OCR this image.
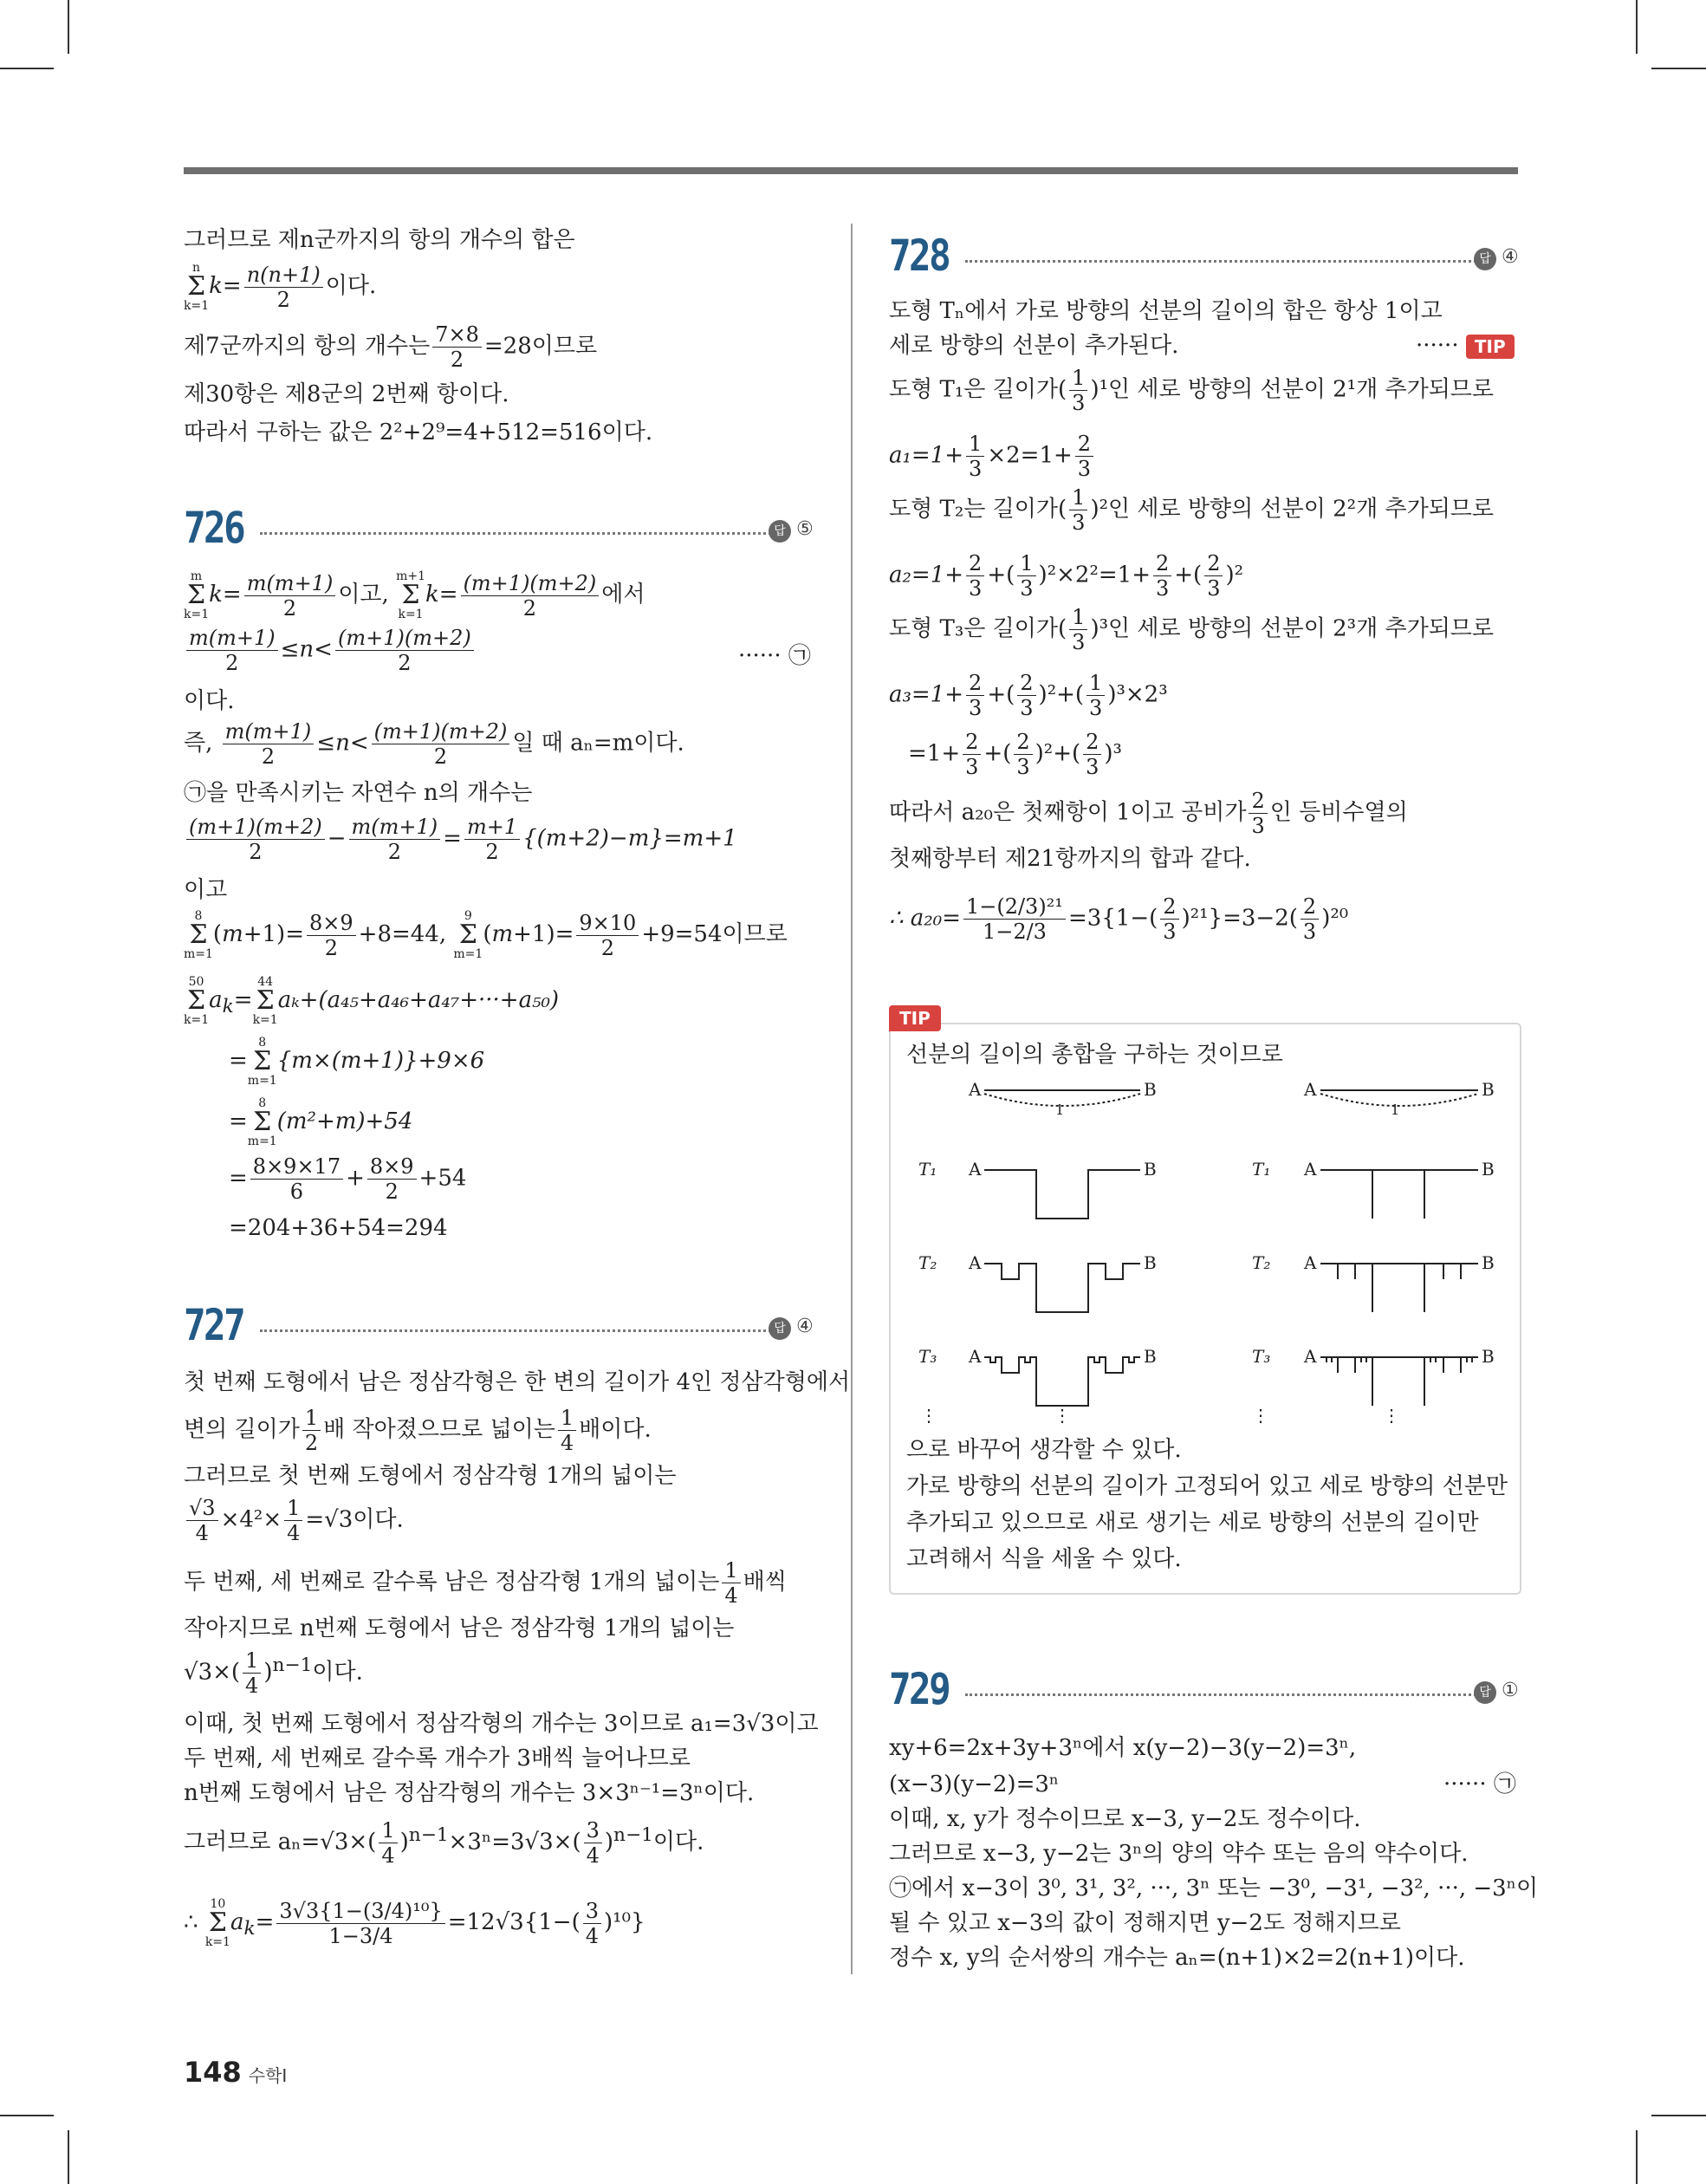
그러므로 제n군까지의 항의 개수의 합은
n
Σ
$k=1k= \frac{n(n+1)}{2}$ 이다.
제7군까지의 항의 개수는 $\frac{7\times 8}{2} =28$이므로
제30항은 제8군의 2번째 항이다.
따라서 구하는 값은 2²+2⁹=4+512=516이다.
726	답 ⑤
m
Σ
$k=1k= \frac{m(m+1)}{2}$ 이고, m+1
Σ
$k=1k= \frac{(m+1)(m+2)}{2}$ 에서
$\frac{m(m+1)}{2} \le n< \frac{(m+1)(m+2)}{2}$	······ ㉠
이다.
즉, $\frac{m(m+1)}{2} \le n< \frac{(m+1)(m+2)}{2}$ 일 때 aₙ=m이다.
㉠을 만족시키는 자연수 n의 개수는
$\frac{(m+1)(m+2)}{2} - \frac{m(m+1)}{2} = \frac{m+1}{2} \{(m+2)-m\}=m+1$
이고
8
Σ
$m=1(m+1)= \frac{8\times 9}{2} +8=44$, 9
Σ
$m=1(m+1)= \frac{9\times 10}{2} +9=54$이므로
50
Σ
$k=1a_k=44$
Σ
k=1aₖ+(a₄₅+a₄₆+a₄₇+···+a₅₀)
=8
Σ
m=1{m×(m+1)}+9×6
=8
Σ
m=1(m²+m)+54
= $\frac{8\times 9\times 17}{6} + \frac{8\times 9}{2} +54$
=204+36+54=294
727	답 ④
첫 번째 도형에서 남은 정삼각형은 한 변의 길이가 4인 정삼각형에서
변의 길이가 $\frac{1}{2}$ 배 작아졌으므로 넓이는 $\frac{1}{4}$ 배이다.
그러므로 첫 번째 도형에서 정삼각형 1개의 넓이는
$\frac{√3}{4} \times 4^2\times \frac{1}{4} =√3$이다.
두 번째, 세 번째로 갈수록 남은 정삼각형 1개의 넓이는 $\frac{1}{4}$ 배씩
작아지므로 n번째 도형에서 남은 정삼각형 1개의 넓이는
$√3\times( \frac{1}{4} )^{n-1}$이다.
이때, 첫 번째 도형에서 정삼각형의 개수는 3이므로 a₁=3√3이고
두 번째, 세 번째로 갈수록 개수가 3배씩 늘어나므로
n번째 도형에서 남은 정삼각형의 개수는 3×3ⁿ⁻¹=3ⁿ이다.
그러므로 $a_n=√3\times( \frac{1}{4} )^{n-1}\times 3^n=3√3\times( \frac{3}{4} )^{n-1}$이다.
∴ 10
Σ
$k=1a_k= \frac{\text{3√3\{1−(3/4)¹⁰\}}}{1-3/4} =12√3\{1-( \frac{3}{4} )^{10}\}$
728	답 ④
도형 Tₙ에서 가로 방향의 선분의 길이의 합은 항상 1이고
세로 방향의 선분이 추가된다.	······ TIP
도형 T₁은 길이가( $\frac{1}{3} )^1$인 세로 방향의 선분이 2¹개 추가되므로
$a_1=1+ \frac{1}{3} \times 2=1+ \frac{2}{3}$
도형 T₂는 길이가( $\frac{1}{3} )^2$인 세로 방향의 선분이 2²개 추가되므로
$a_2=1+ \frac{2}{3}$ +( $\frac{1}{3} )^2\times 2^2=1+ \frac{2}{3}$ +( $\frac{2}{3} )^2$
도형 T₃은 길이가( $\frac{1}{3} )^3$인 세로 방향의 선분이 2³개 추가되므로
$a_3=1+ \frac{2}{3}$ +( $\frac{2}{3} )^2+( \frac{1}{3} )^3\times 2^3$
$=1+ \frac{2}{3}$ +( $\frac{2}{3} )^2+( \frac{2}{3} )^3$
따라서 a₂₀은 첫째항이 1이고 공비가 $\frac{2}{3}$ 인 등비수열의
첫째항부터 제21항까지의 합과 같다.
∴ $a_{20}= \frac{\text{1−(2/3)²¹}}{1-2/3} =3\{1-( \frac{2}{3} )^{21}\}=3-2( \frac{2}{3} )^{20}$
TIP
선분의 길이의 총합을 구하는 것이므로
A	B	A	B
1	1
T₁	T₁
A	B	A	B
T₂	T₂
A	B	A	B
T₃	T₃
A	B	A	B
⋮	⋮	⋮	⋮
으로 바꾸어 생각할 수 있다.
가로 방향의 선분의 길이가 고정되어 있고 세로 방향의 선분만
추가되고 있으므로 새로 생기는 세로 방향의 선분의 길이만
고려해서 식을 세울 수 있다.
729	답 ①
xy+6=2x+3y+3ⁿ에서 x(y−2)−3(y−2)=3ⁿ,
(x−3)(y−2)=3ⁿ	······ ㉠
이때, x, y가 정수이므로 x−3, y−2도 정수이다.
그러므로 x−3, y−2는 3ⁿ의 양의 약수 또는 음의 약수이다.
㉠에서 x−3이 3⁰, 3¹, 3², ···, 3ⁿ 또는 −3⁰, −3¹, −3², ···, −3ⁿ이
될 수 있고 x−3의 값이 정해지면 y−2도 정해지므로
정수 x, y의 순서쌍의 개수는 aₙ=(n+1)×2=2(n+1)이다.
148 수학Ⅰ
